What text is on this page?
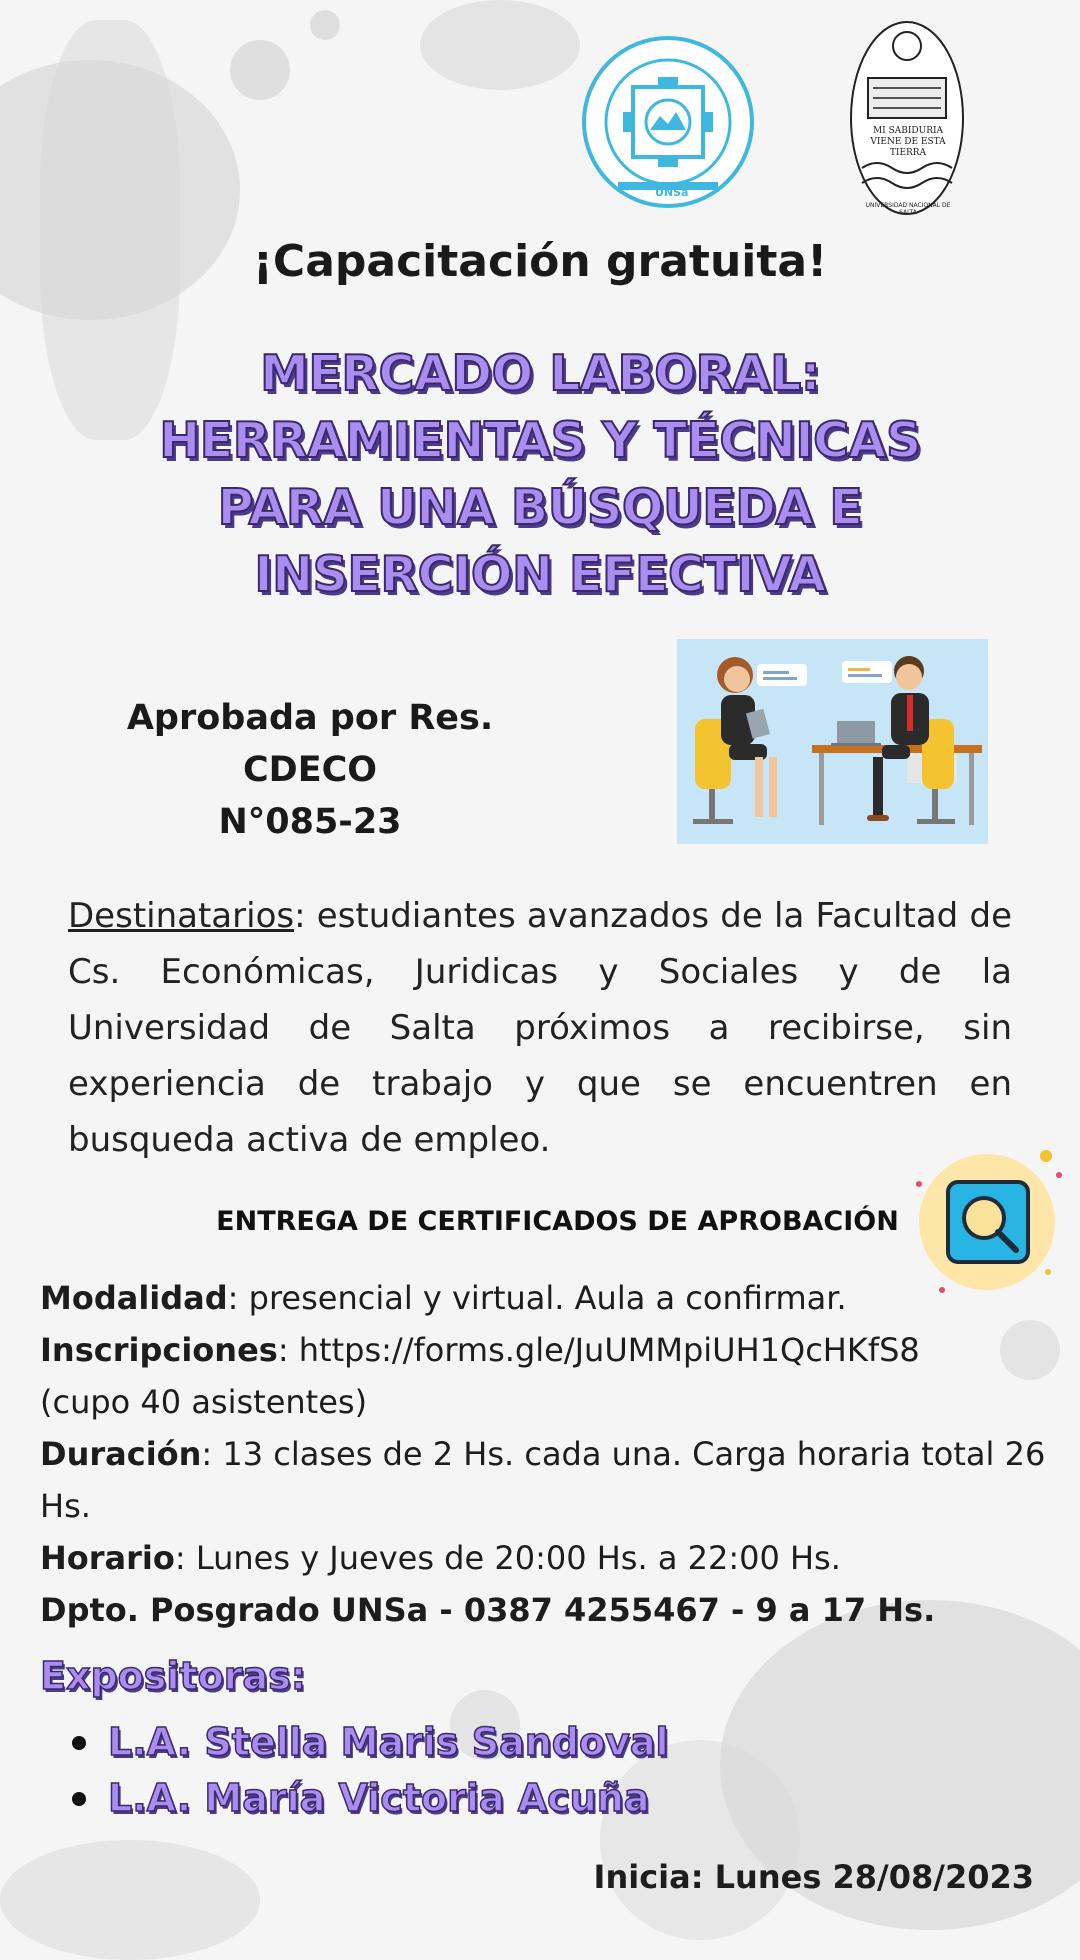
UNSa
MI SABIDURIA VIENE DE ESTA TIERRA
UNIVERSIDAD NACIONAL DE SALTA
¡Capacitación gratuita!
MERCADO LABORAL:
HERRAMIENTAS Y TÉCNICAS
PARA UNA BÚSQUEDA E
INSERCIÓN EFECTIVA
Aprobada por Res. CDECO
N°085-23
Destinatarios: estudiantes avanzados de la Facultad de Cs. Económicas, Juridicas y Sociales y de la Universidad de Salta próximos a recibirse, sin experiencia de trabajo y que se encuentren en busqueda activa de empleo.
ENTREGA DE CERTIFICADOS DE APROBACIÓN

Modalidad: presencial y virtual. Aula a confirmar.

Inscripciones: https://forms.gle/JuUMMpiUH1QcHKfS8

(cupo 40 asistentes)

Duración: 13 clases de 2 Hs. cada una. Carga horaria total 26 Hs.

Horario: Lunes y Jueves de 20:00 Hs. a 22:00 Hs.

Dpto. Posgrado UNSa - 0387 4255467 - 9 a 17 Hs.

Expositoras:
L.A. Stella Maris Sandoval
L.A. María Victoria Acuña
Inicia: Lunes 28/08/2023
